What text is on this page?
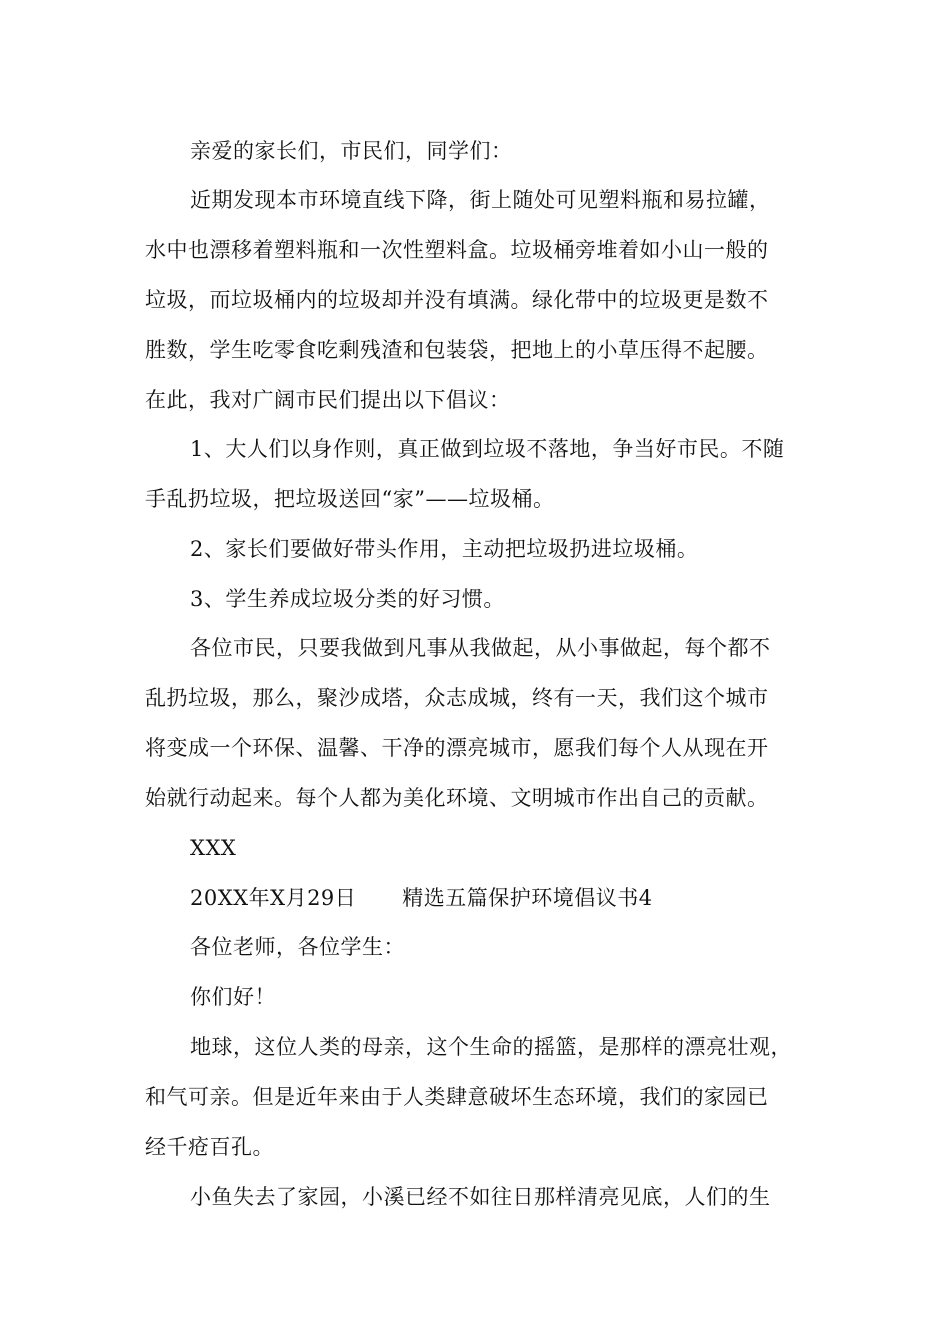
亲爱的家长们，市民们，同学们：
近期发现本市环境直线下降，街上随处可见塑料瓶和易拉罐，
水中也漂移着塑料瓶和一次性塑料盒。垃圾桶旁堆着如小山一般的
垃圾，而垃圾桶内的垃圾却并没有填满。绿化带中的垃圾更是数不
胜数，学生吃零食吃剩残渣和包装袋，把地上的小草压得不起腰。
在此，我对广阔市民们提出以下倡议：
1、大人们以身作则，真正做到垃圾不落地，争当好市民。不随
手乱扔垃圾，把垃圾送回“家”——垃圾桶。
2、家长们要做好带头作用，主动把垃圾扔进垃圾桶。
3、学生养成垃圾分类的好习惯。
各位市民，只要我做到凡事从我做起，从小事做起，每个都不
乱扔垃圾，那么，聚沙成塔，众志成城，终有一天，我们这个城市
将变成一个环保、温馨、干净的漂亮城市，愿我们每个人从现在开
始就行动起来。每个人都为美化环境、文明城市作出自己的贡献。
XXX
20XX年X月29日 精选五篇保护环境倡议书4
各位老师，各位学生：
你们好！
地球，这位人类的母亲，这个生命的摇篮，是那样的漂亮壮观，
和气可亲。但是近年来由于人类肆意破坏生态环境，我们的家园已
经千疮百孔。
小鱼失去了家园，小溪已经不如往日那样清亮见底，人们的生
